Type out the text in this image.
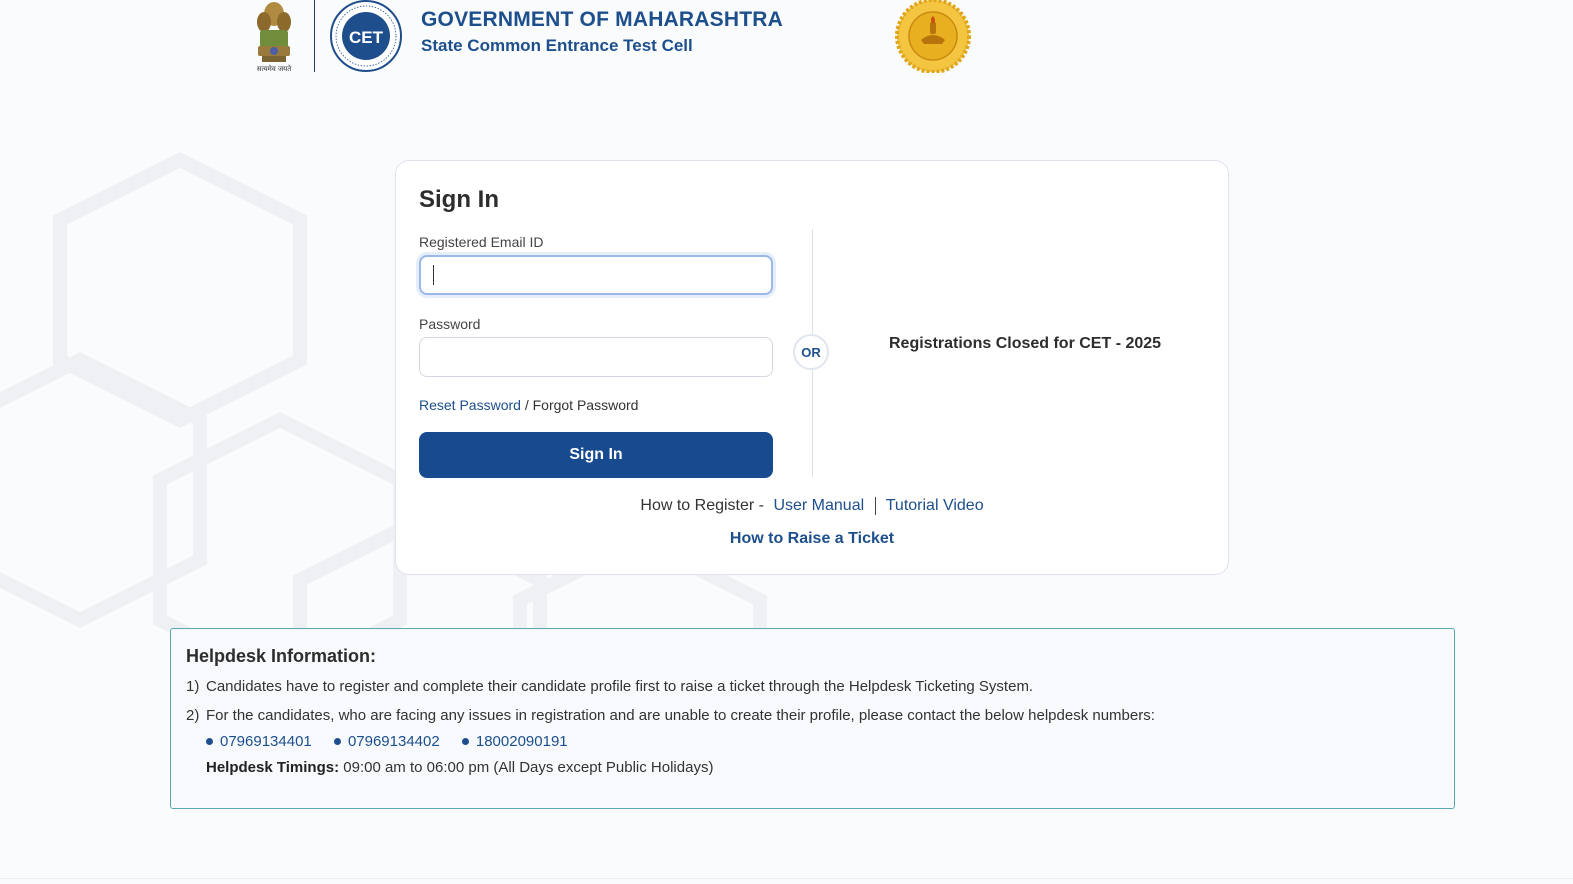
सत्यमेव जयते
CET
GOVERNMENT OF MAHARASHTRA
State Common Entrance Test Cell
Sign In
Registered Email ID
Password
Reset Password / Forgot Password
Sign In
OR	Registrations Closed for CET - 2025
How to Register - User Manual Tutorial Video
How to Raise a Ticket
Helpdesk Information:
1) Candidates have to register and complete their candidate profile first to raise a ticket through the Helpdesk Ticketing System.
2) For the candidates, who are facing any issues in registration and are unable to create their profile, please contact the below helpdesk numbers:
07969134401 07969134402 18002090191
Helpdesk Timings: 09:00 am to 06:00 pm (All Days except Public Holidays)
